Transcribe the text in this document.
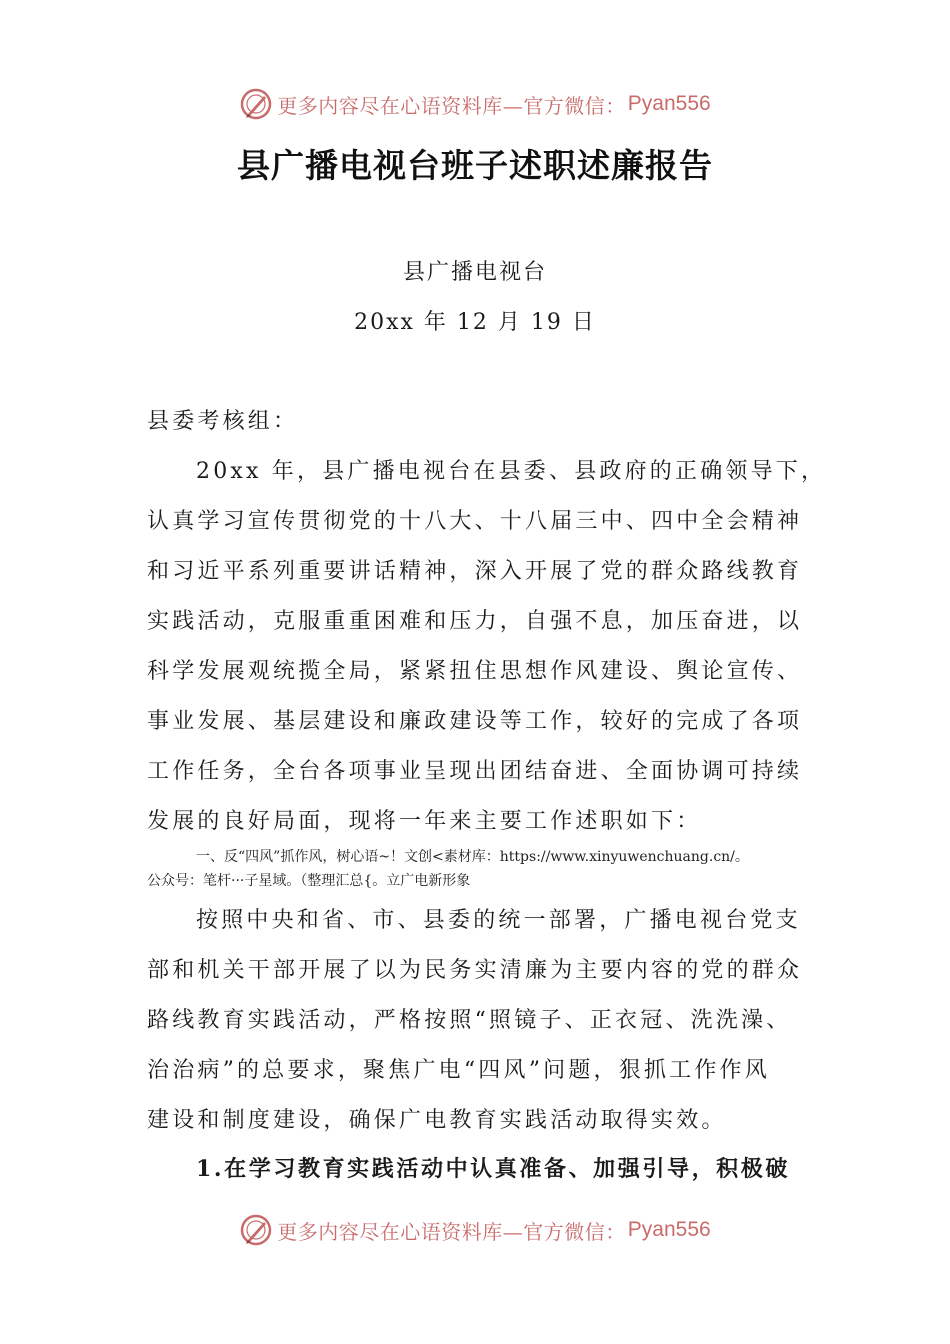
更多内容尽在心语资料库—官方微信： Pyan556
县广播电视台班子述职述廉报告
县广播电视台
20xx 年 12 月 19 日
县委考核组：
20xx 年，县广播电视台在县委、县政府的正确领导下，
认真学习宣传贯彻党的十八大、十八届三中、四中全会精神
和习近平系列重要讲话精神，深入开展了党的群众路线教育
实践活动，克服重重困难和压力，自强不息，加压奋进，以
科学发展观统揽全局，紧紧扭住思想作风建设、舆论宣传、
事业发展、基层建设和廉政建设等工作，较好的完成了各项
工作任务，全台各项事业呈现出团结奋进、全面协调可持续
发展的良好局面，现将一年来主要工作述职如下：
一、反“四风”抓作风，树心语~！文创<素材库：https://www.xinyuwenchuang.cn/。
公众号：笔杆···子星域。（整理汇总{。立广电新形象
按照中央和省、市、县委的统一部署，广播电视台党支
部和机关干部开展了以为民务实清廉为主要内容的党的群众
路线教育实践活动，严格按照“照镜子、正衣冠、洗洗澡、
治治病”的总要求，聚焦广电“四风”问题，狠抓工作作风
建设和制度建设，确保广电教育实践活动取得实效。
1.在学习教育实践活动中认真准备、加强引导，积极破
更多内容尽在心语资料库—官方微信： Pyan556
